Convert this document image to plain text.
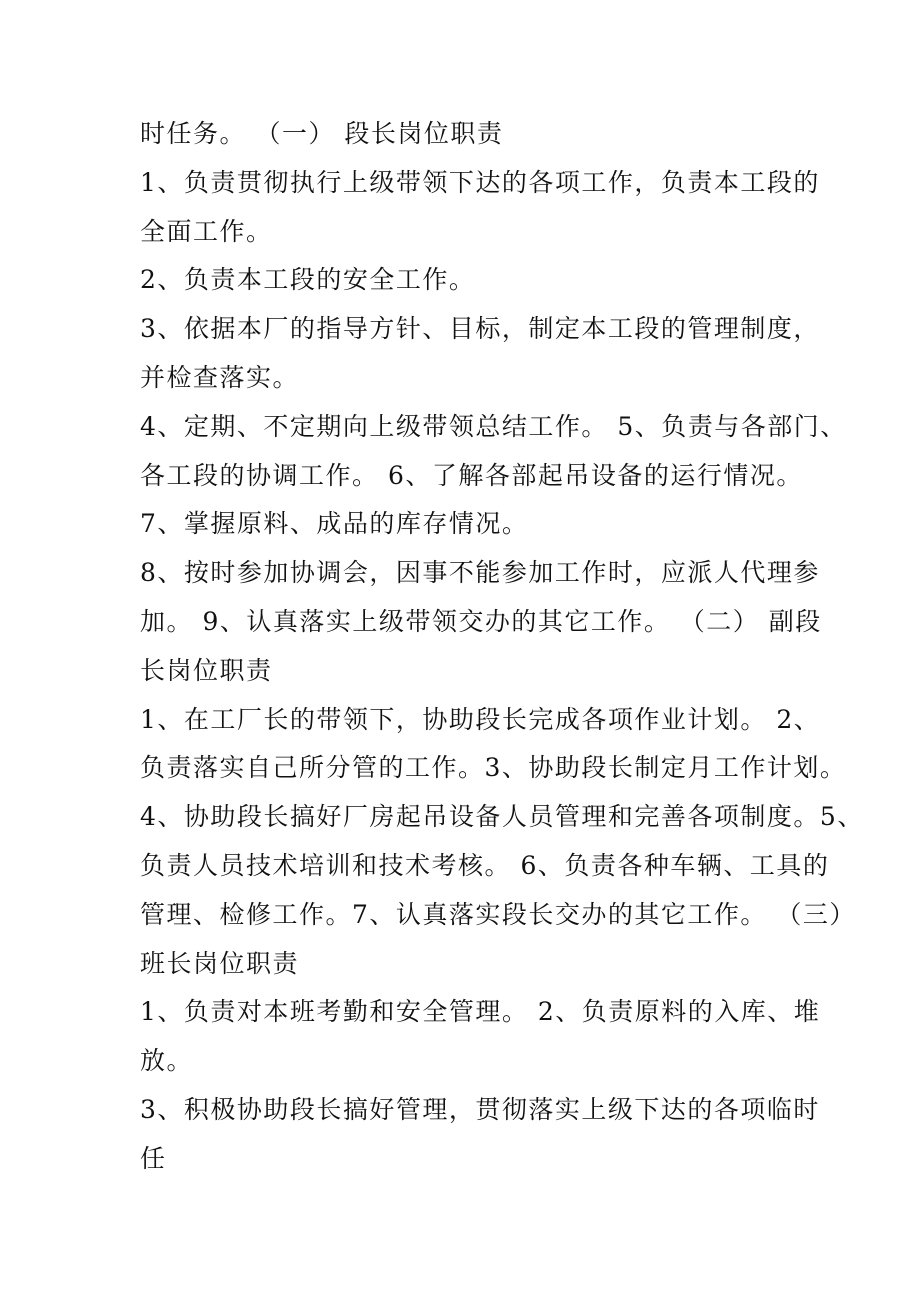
时任务。 （一） 段长岗位职责
1、负责贯彻执行上级带领下达的各项工作，负责本工段的
全面工作。
2、负责本工段的安全工作。
3、依据本厂的指导方针、目标，制定本工段的管理制度，
并检查落实。
4、定期、不定期向上级带领总结工作。 5、负责与各部门、
各工段的协调工作。 6、了解各部起吊设备的运行情况。
7、掌握原料、成品的库存情况。
8、按时参加协调会，因事不能参加工作时，应派人代理参
加。 9、认真落实上级带领交办的其它工作。 （二） 副段
长岗位职责
1、在工厂长的带领下，协助段长完成各项作业计划。 2、
负责落实自己所分管的工作。3、协助段长制定月工作计划。
4、协助段长搞好厂房起吊设备人员管理和完善各项制度。5、
负责人员技术培训和技术考核。 6、负责各种车辆、工具的
管理、检修工作。7、认真落实段长交办的其它工作。 （三）
班长岗位职责
1、负责对本班考勤和安全管理。 2、负责原料的入库、堆
放。
3、积极协助段长搞好管理，贯彻落实上级下达的各项临时
任
